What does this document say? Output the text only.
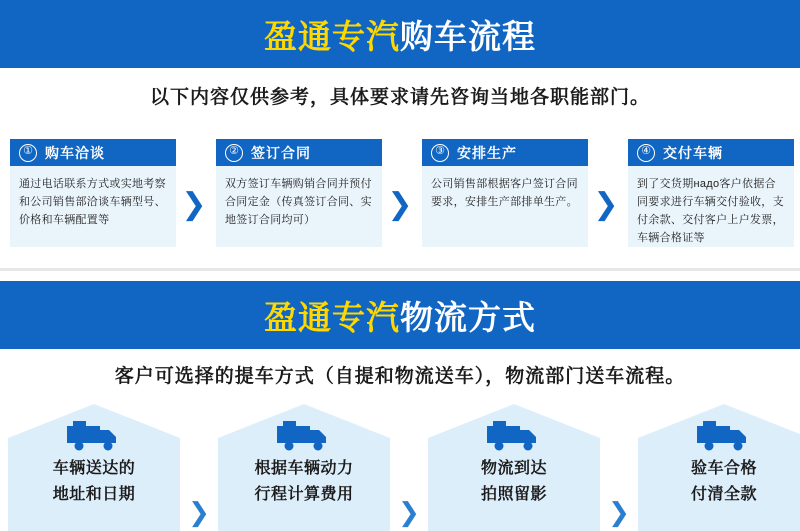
盈通专汽购车流程
以下内容仅供参考，具体要求请先咨询当地各职能部门。
① 购车洽谈
通过电话联系方式或实地考察和公司销售部洽谈车辆型号、价格和车辆配置等	❯
② 签订合同
双方签订车辆购销合同并预付合同定金（传真签订合同、实地签订合同均可）	❯
③ 安排生产
公司销售部根据客户签订合同要求，安排生产部排单生产。 ❯
④ 交付车辆
到了交货期надо客户依据合同要求进行车辆交付验收，支付余款、交付客户上户发票，车辆合格证等
盈通专汽物流方式
客户可选择的提车方式（自提和物流送车），物流部门送车流程。
车辆送达的
地址和日期
❯
根据车辆动力
行程计算费用
❯
物流到达
拍照留影
❯
验车合格
付清全款
